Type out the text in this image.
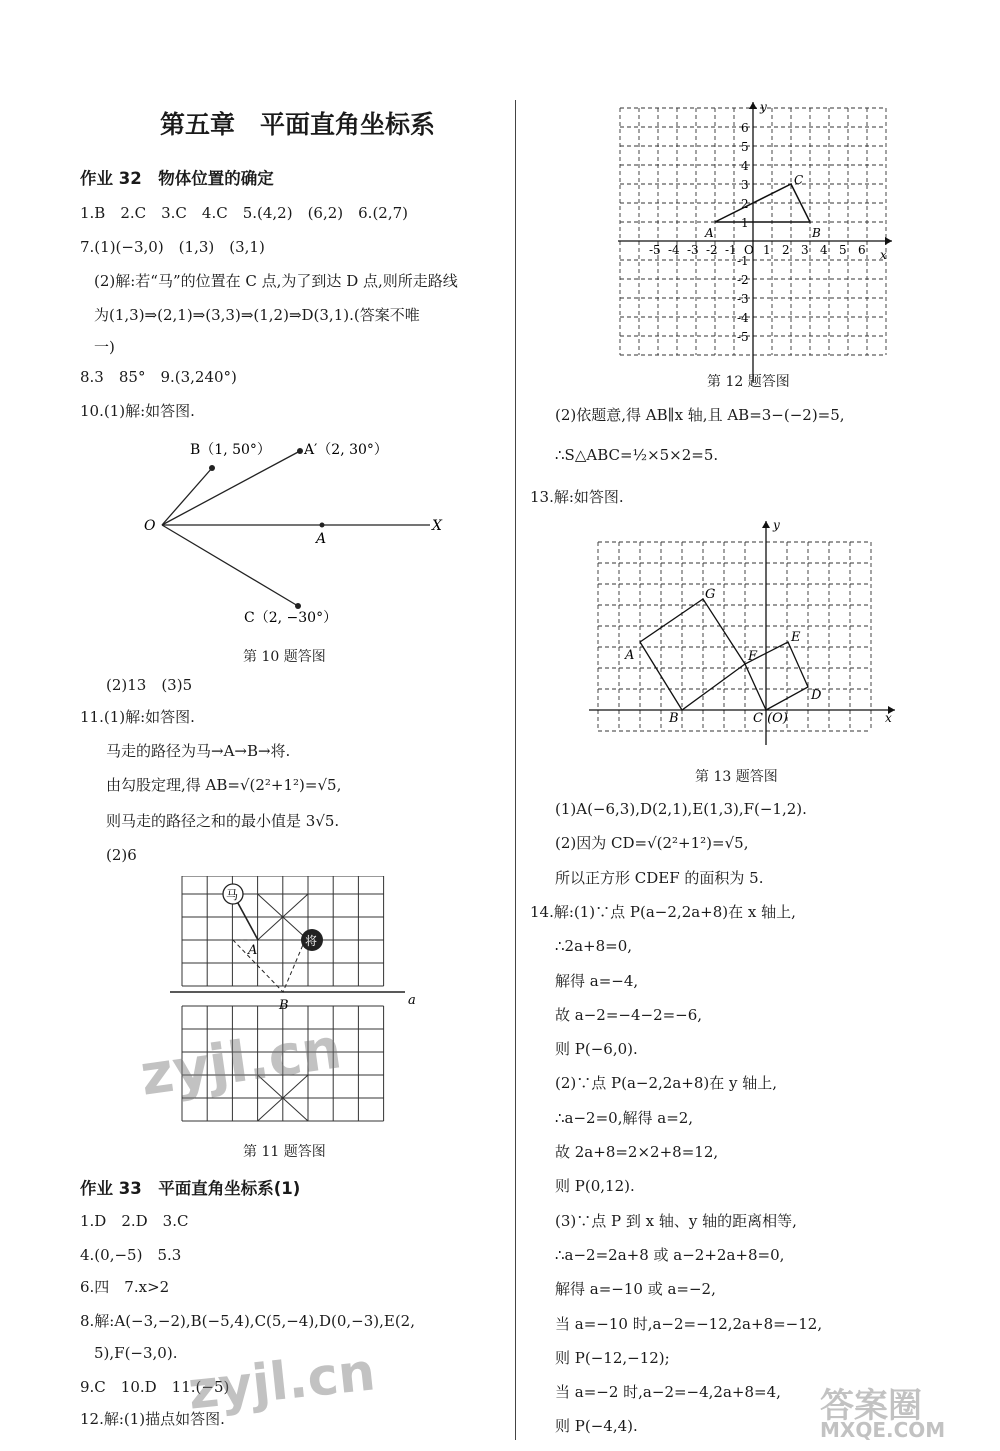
第五章　平面直角坐标系
作业 32　物体位置的确定
1.B　2.C　3.C　4.C　5.(4,2)　(6,2)　6.(2,7)
7.(1)(−3,0)　(1,3)　(3,1)
(2)解:若“马”的位置在 C 点,为了到达 D 点,则所走路线
为(1,3)⇒(2,1)⇒(3,3)⇒(1,2)⇒D(3,1).(答案不唯
一)
8.3　85°　9.(3,240°)
10.(1)解:如答图.
B（1, 50°） A′（2, 30°）
C（2, −30°）
O
A
X
第 10 题答图
(2)13　(3)5
11.(1)解:如答图.
马走的路径为马→A→B→将.
由勾股定理,得 AB=√(2²+1²)=√5,
则马走的路径之和的最小值是 3√5.
(2)6
马
将
A
B	a
第 11 题答图
作业 33　平面直角坐标系(1)
1.D　2.D　3.C
4.(0,−5)　5.3
6.四　7.x>2
8.解:A(−3,−2),B(−5,4),C(5,−4),D(0,−3),E(2,
5),F(−3,0).
9.C　10.D　11.(−5)
12.解:(1)描点如答图.
x
y
-5 -4 -3 -2 -1 O 1 2 3 4 5 6
1
2
3
4
5
6
-1
-2
-3
-4
-5
A	B
C
第 12 题答图
(2)依题意,得 AB∥x 轴,且 AB=3−(−2)=5,
∴S△ABC=½×5×2=5.
13.解:如答图.
x
y
A
B	C (O)
D
E
F
G
第 13 题答图
(1)A(−6,3),D(2,1),E(1,3),F(−1,2).
(2)因为 CD=√(2²+1²)=√5,
所以正方形 CDEF 的面积为 5.
14.解:(1)∵点 P(a−2,2a+8)在 x 轴上,
∴2a+8=0,
解得 a=−4,
故 a−2=−4−2=−6,
则 P(−6,0).
(2)∵点 P(a−2,2a+8)在 y 轴上,
∴a−2=0,解得 a=2,
故 2a+8=2×2+8=12,
则 P(0,12).
(3)∵点 P 到 x 轴、y 轴的距离相等,
∴a−2=2a+8 或 a−2+2a+8=0,
解得 a=−10 或 a=−2,
当 a=−10 时,a−2=−12,2a+8=−12,
则 P(−12,−12);
当 a=−2 时,a−2=−4,2a+8=4,
则 P(−4,4).
zyjl.cn
zyjl.cn	答案圈
MXQE.COM
